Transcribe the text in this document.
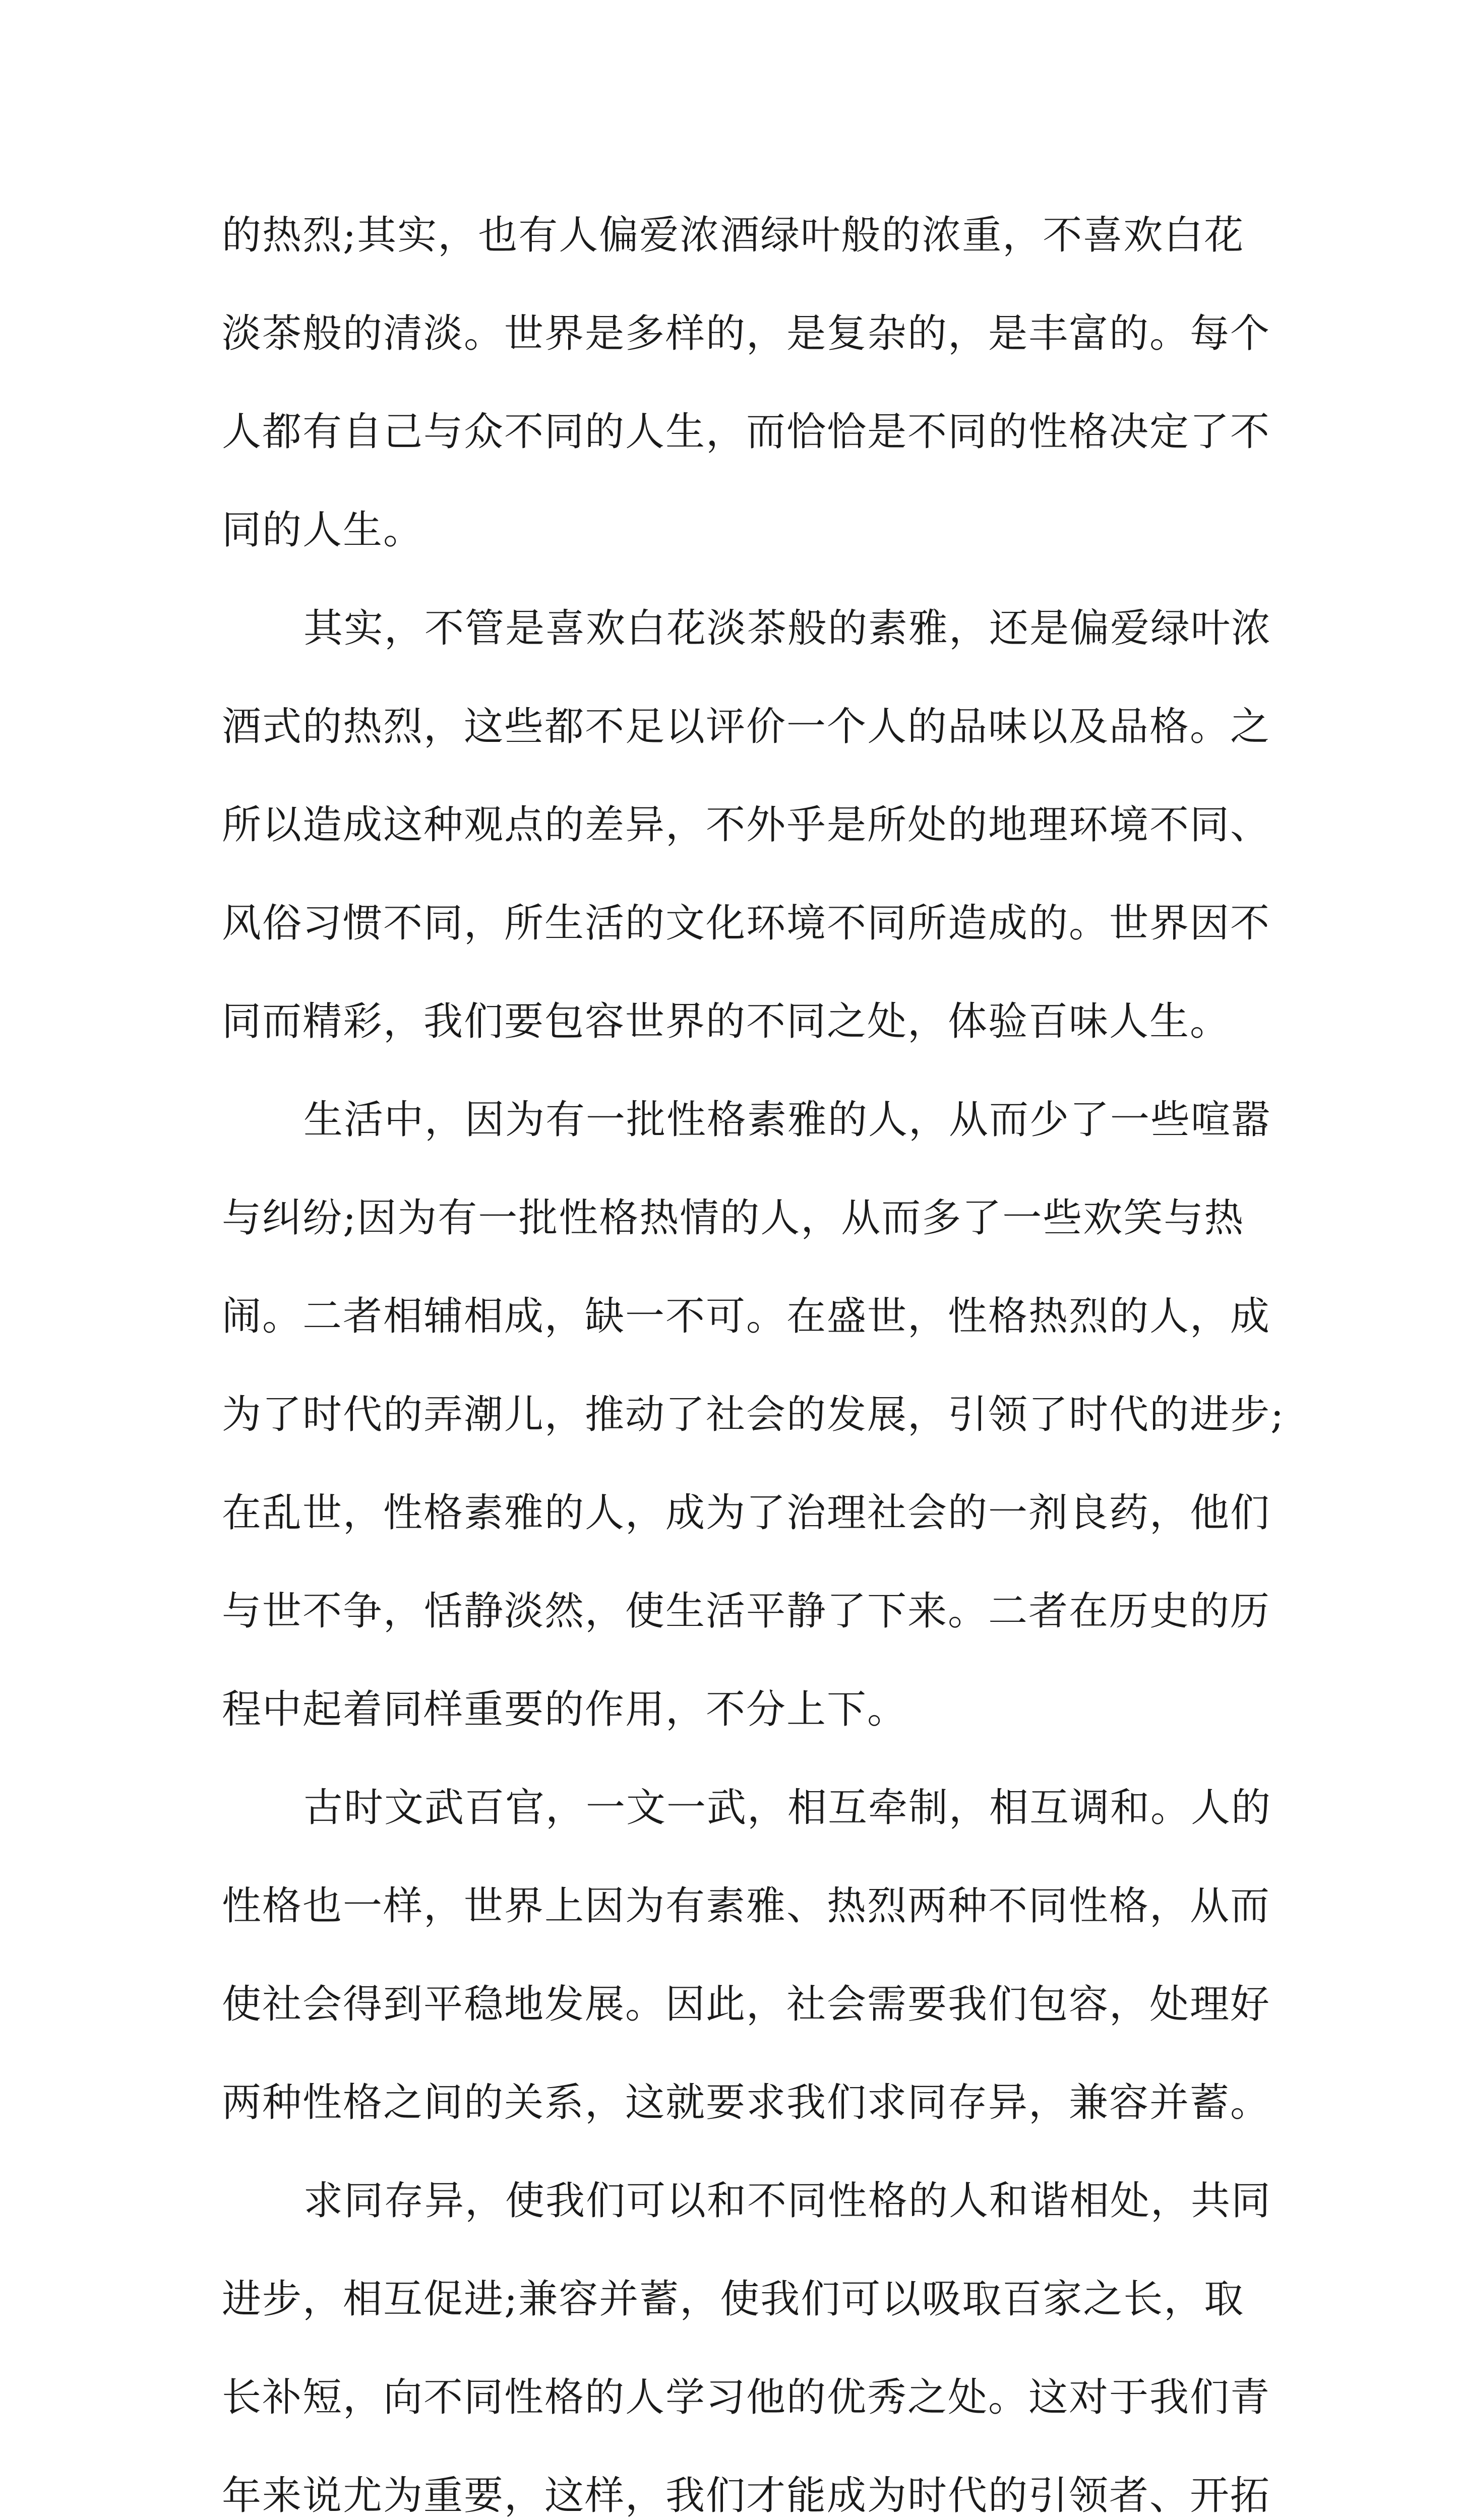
的热烈;其实，也有人偏爱浓酒绿叶般的浓重，不喜欢白花
淡茶般的清淡。世界是多样的，是复杂的，是丰富的。每个
人都有自己与众不同的人生，而恰恰是不同的性格决定了不
同的人生。
其实，不管是喜欢白花淡茶般的素雅，还是偏爱绿叶浓
酒式的热烈，这些都不足以评价一个人的品味以及品格。之
所以造成这种观点的差异，不外乎是所处的地理环境不同、
风俗习惯不同，所生活的文化环境不同所造成的。世界因不
同而精彩，我们要包容世界的不同之处，体验百味人生。
生活中，因为有一批性格素雅的人，从而少了一些喧嚣
与纠纷;因为有一批性格热情的人，从而多了一些欢笑与热
闹。二者相辅相成，缺一不可。在盛世，性格热烈的人，成
为了时代的弄潮儿，推动了社会的发展，引领了时代的进步;
在乱世，性格素雅的人，成为了治理社会的一剂良药，他们
与世不争，恬静淡然，使生活平静了下来。二者在历史的历
程中起着同样重要的作用，不分上下。
古时文武百官，一文一武，相互牵制，相互调和。人的
性格也一样，世界上因为有素雅、热烈两种不同性格，从而
使社会得到平稳地发展。因此，社会需要我们包容，处理好
两种性格之间的关系，这就要求我们求同存异，兼容并蓄。
求同存异，使我们可以和不同性格的人和谐相处，共同
进步，相互促进;兼容并蓄，使我们可以吸取百家之长，取
长补短，向不同性格的人学习他的优秀之处。这对于我们青
年来说尤为重要，这样，我们才能成为时代的引领者、开拓
